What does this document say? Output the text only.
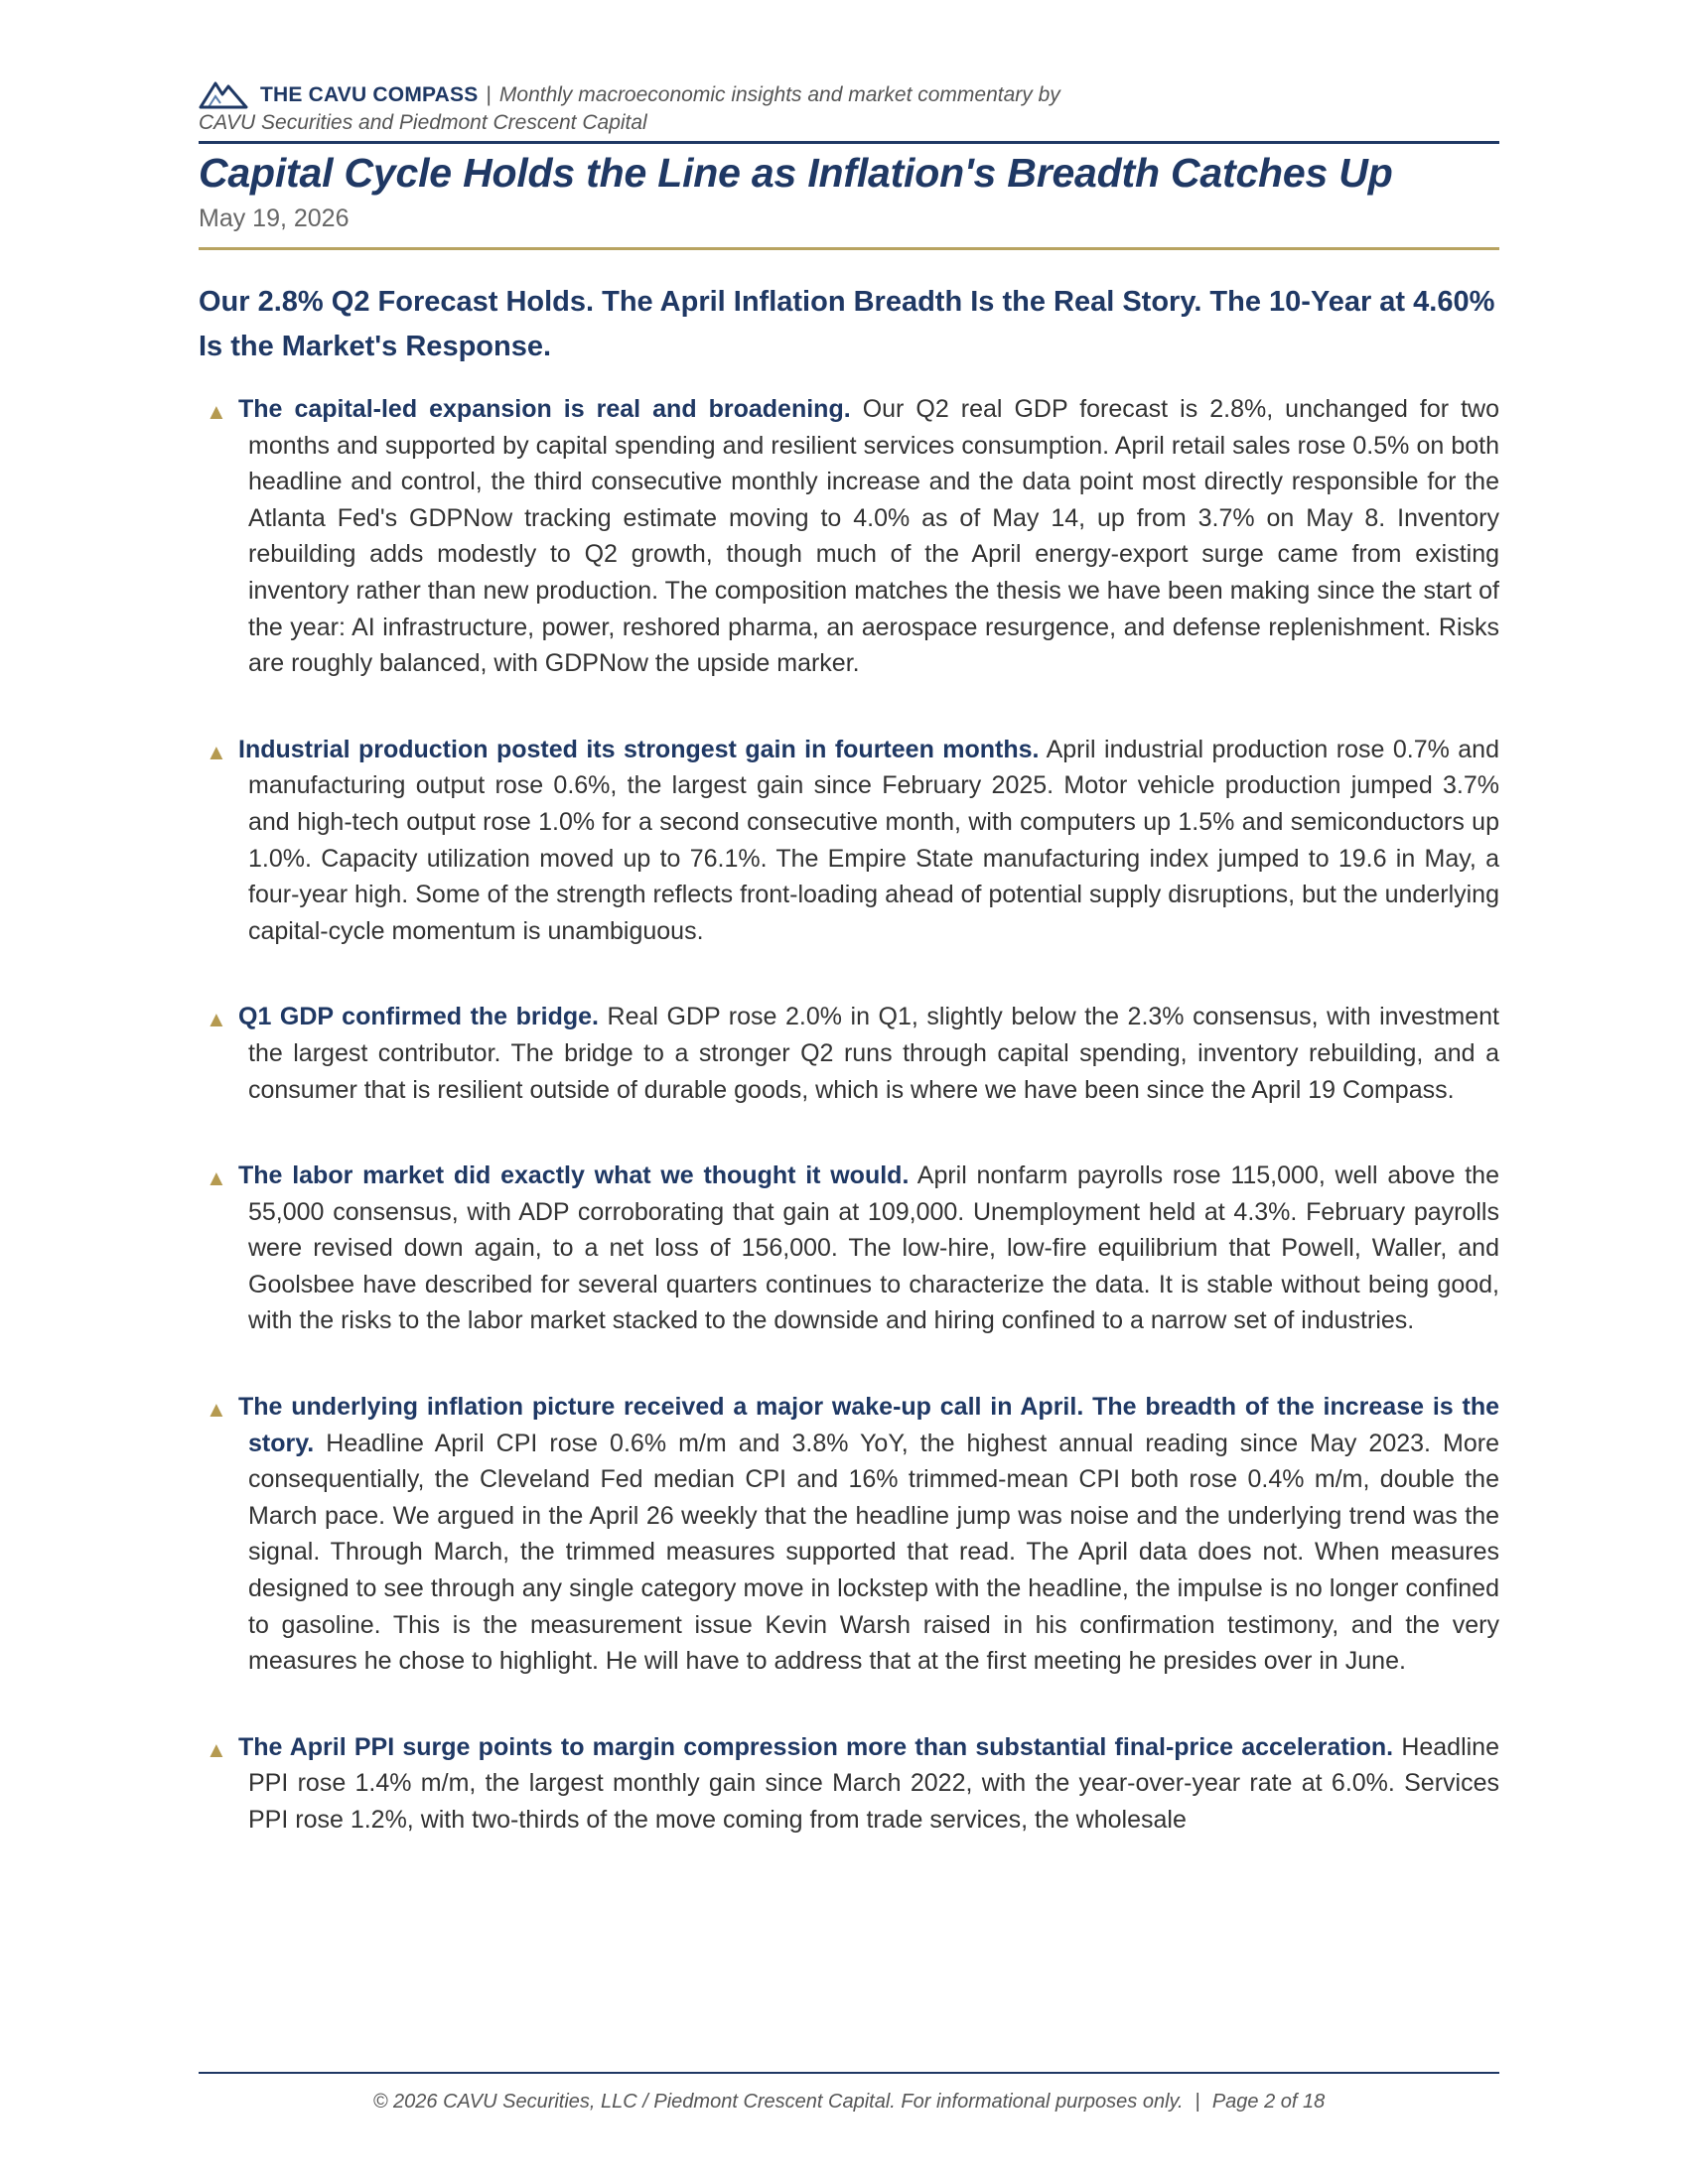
THE CAVU COMPASS | Monthly macroeconomic insights and market commentary by
CAVU Securities and Piedmont Crescent Capital
Capital Cycle Holds the Line as Inflation's Breadth Catches Up
May 19, 2026
Our 2.8% Q2 Forecast Holds. The April Inflation Breadth Is the Real Story. The 10-Year at 4.60% Is the Market's Response.
▲ The capital-led expansion is real and broadening. Our Q2 real GDP forecast is 2.8%, unchanged for two months and supported by capital spending and resilient services consumption. April retail sales rose 0.5% on both headline and control, the third consecutive monthly increase and the data point most directly responsible for the Atlanta Fed's GDPNow tracking estimate moving to 4.0% as of May 14, up from 3.7% on May 8. Inventory rebuilding adds modestly to Q2 growth, though much of the April energy-export surge came from existing inventory rather than new production. The composition matches the thesis we have been making since the start of the year: AI infrastructure, power, reshored pharma, an aerospace resurgence, and defense replenishment. Risks are roughly balanced, with GDPNow the upside marker.
▲ Industrial production posted its strongest gain in fourteen months. April industrial production rose 0.7% and manufacturing output rose 0.6%, the largest gain since February 2025. Motor vehicle production jumped 3.7% and high-tech output rose 1.0% for a second consecutive month, with computers up 1.5% and semiconductors up 1.0%. Capacity utilization moved up to 76.1%. The Empire State manufacturing index jumped to 19.6 in May, a four-year high. Some of the strength reflects front-loading ahead of potential supply disruptions, but the underlying capital-cycle momentum is unambiguous.
▲ Q1 GDP confirmed the bridge. Real GDP rose 2.0% in Q1, slightly below the 2.3% consensus, with investment the largest contributor. The bridge to a stronger Q2 runs through capital spending, inventory rebuilding, and a consumer that is resilient outside of durable goods, which is where we have been since the April 19 Compass.
▲ The labor market did exactly what we thought it would. April nonfarm payrolls rose 115,000, well above the 55,000 consensus, with ADP corroborating that gain at 109,000. Unemployment held at 4.3%. February payrolls were revised down again, to a net loss of 156,000. The low-hire, low-fire equilibrium that Powell, Waller, and Goolsbee have described for several quarters continues to characterize the data. It is stable without being good, with the risks to the labor market stacked to the downside and hiring confined to a narrow set of industries.
▲ The underlying inflation picture received a major wake-up call in April. The breadth of the increase is the story. Headline April CPI rose 0.6% m/m and 3.8% YoY, the highest annual reading since May 2023. More consequentially, the Cleveland Fed median CPI and 16% trimmed-mean CPI both rose 0.4% m/m, double the March pace. We argued in the April 26 weekly that the headline jump was noise and the underlying trend was the signal. Through March, the trimmed measures supported that read. The April data does not. When measures designed to see through any single category move in lockstep with the headline, the impulse is no longer confined to gasoline. This is the measurement issue Kevin Warsh raised in his confirmation testimony, and the very measures he chose to highlight. He will have to address that at the first meeting he presides over in June.
▲ The April PPI surge points to margin compression more than substantial final-price acceleration. Headline PPI rose 1.4% m/m, the largest monthly gain since March 2022, with the year-over-year rate at 6.0%. Services PPI rose 1.2%, with two-thirds of the move coming from trade services, the wholesale
© 2026 CAVU Securities, LLC / Piedmont Crescent Capital. For informational purposes only. | Page 2 of 18
